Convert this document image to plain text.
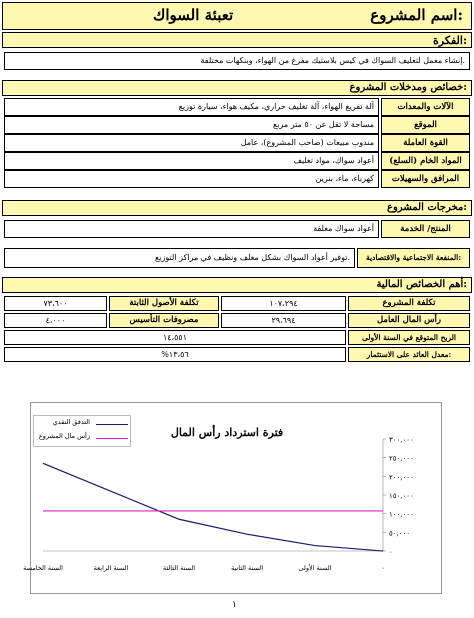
اسم المشروع:
تعبئة السواك
الفكرة:
إنشاء معمل لتعليف السواك في كيس بلاستيك مفرغ من الهواء، وبنكهات مختلفة.
خصائص ومدخلات المشروع:
آلة تفريغ الهواء، آلة تغليف حراري، مكيف هواء، سيارة توزيع	الآلات والمعدات
مساحة لا تقل عن ٥٠ متر مربع	الموقع
مندوب مبيعات (صاحب المشروع)، عامل	القوة العاملة
أعواد سواك، مواد تغليف	المواد الخام (السلع)
كهرباء، ماء، بنزين	المرافق والسهيلات
مخرجات المشروع:
أعواد سواك مغلفة	المنتج/ الخدمة
توفير أعواد السواك بشكل مغلف ونظيف في مراكز التوزيع.	المنفعة الاجتماعية والاقتصادية:
أهم الخصائص المالية:
٧٣،٦٠٠	تكلفة الأصول الثابتة	١٠٧،٢٩٤	تكلفة المشروع
٤،٠٠٠	مصروفات التأسيس	٢٩،٦٩٤	رأس المال العامل
١٤،٥٥١	الربح المتوقع في السنة الأولى
%١٣،٥٦	معدل العائد على الاستثمار:
٠
٥٠,٠٠٠
١٠٠,٠٠٠
١٥٠,٠٠٠
٢٠٠,٠٠٠
٢٥٠,٠٠٠
٣٠٠,٠٠٠
٠
السنة الأولى
السنة الثانية
السنة الثالثة
السنة الرابعة
السنة الخامسة
فترة استرداد رأس المال
التدفق النقدي
رأس مال المشروع
١
